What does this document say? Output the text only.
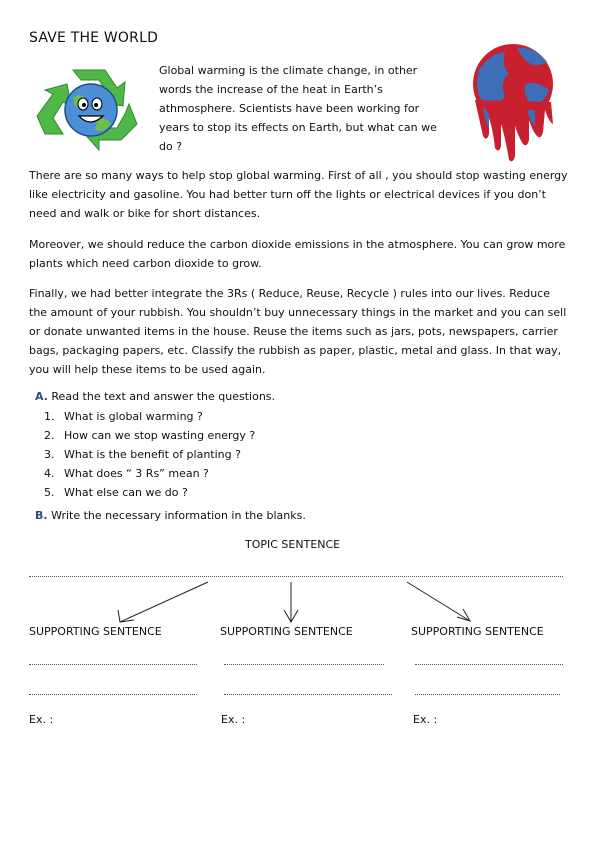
SAVE THE WORLD
Global warming is the climate change, in other words the increase of the heat in Earth’s athmosphere. Scientists have been working for years to stop its effects on Earth, but what can we do ?
There are so many ways to help stop global warming. First of all , you should stop wasting energy like electricity and gasoline. You had better turn off the lights or electrical devices if you don’t need and walk or bike for short distances.
Moreover, we should reduce the carbon dioxide emissions in the atmosphere. You can grow more plants which need carbon dioxide to grow.
Finally, we had better integrate the 3Rs ( Reduce, Reuse, Recycle ) rules into our lives. Reduce the amount of your rubbish. You shouldn’t buy unnecessary things in the market and you can sell or donate unwanted items in the house. Reuse the items such as jars, pots, newspapers, carrier bags, packaging papers, etc. Classify the rubbish as paper, plastic, metal and glass. In that way, you will help these items to be used again.
A. Read the text and answer the questions.
1. What is global warming ?
2. How can we stop wasting energy ?
3. What is the benefit of planting ?
4. What does “ 3 Rs” mean ?
5. What else can we do ?
B. Write the necessary information in the blanks.
TOPIC SENTENCE
SUPPORTING SENTENCE	SUPPORTING SENTENCE	SUPPORTING SENTENCE
Ex. :	Ex. :	Ex. :
